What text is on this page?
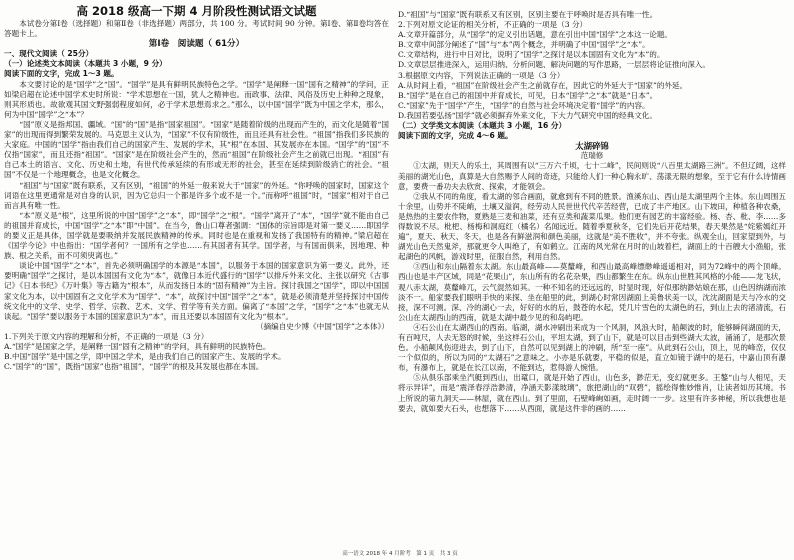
高 2018 级高一下期 4 月阶段性测试语文试题

本试卷分第Ⅰ卷（选择题）和第Ⅱ卷（非选择题）两部分，共 100 分。考试时间 90 分钟。第Ⅰ卷、第Ⅱ卷均答在答题卡上。

第Ⅰ卷　阅读题（ 61分）

一、现代文阅读（ 25分）

（一）论述类文本阅读（本题共 3 小题，9 分）

阅读下面的文字，完成 1～3 题。

本文要讨论的是“国学”之“国”。“国学”是具有鲜明民族特色之学。“国学”是阐释一国“国有之精神”的学问，正如梁启超在论述中国学术史时所说：“学术思想在一国，犹人之精神也。而政事、法律、风俗及历史上种种之现象，则其形质也。故欲观其国文野强弱程度如何，必于学术思想焉求之。”那么，以中国“国学”既为中国之学术，那么，何为中国“国学”之“本”？

“国”原义是指邦国、疆域。“国”的“国”是指“国家祖国”。“国家”是随着阶级的出现而产生的，而文化是随着“国家”的出现而得到繁荣发展的。马克思主义认为，“国家”不仅有阶级性，而且还具有社会性。“祖国”指我们多民族的大家庭。中国的“国学”指由我们自己的国家产生、发展的学术，其“根”在本国、其发展亦在本国。“国学”的“国”不仅指“国家”，而且还指“祖国”。“国家”是在阶级社会产生的，然而“祖国”在阶级社会产生之前就已出现。“祖国”有自己本土的语言、文化、历史和土地，有世代传承延续的有形或无形的社会，甚至在延续到阶级消亡的社会。“祖国”不仅是一个地理概念，也是文化概念。

“祖国”与“国家”既有联系，又有区别，“祖国”的外延一般来说大于“国家”的外延。“你呼唤的国家时，国家这个词语在这里更通常是对自身的认识，因为它总归一个都是许多个或不是一个。”而称呼“祖国”时，“国家”相对于自己而言具有唯一性。

“本”原义是“根”，这里所说的中国“国学”之“本”，即“国学”之“根”。“国学”离开了“本”，“国学”就不能由自己的祖国并育成长，中国“国学”之“本”即“中国”。在当今，鲁山口尊者强调：“国体的宗旨即是对第一要义……即国学的要义正是具体，国学就是要吸纳并发展民族精神的传承。同时也是在重视和发扬了我国特有的精神。”梁启超在《国学今论》中也指出：“国学者何？一国所有之学也……有其国者有其学。国学者，与有国而俱来，因地理、种族、根之关系，而不可须臾离也。”

谈论中国“国学”之“本”，首先必须明确国学的本源是“本国”，以服务于本国的国家意识为第一要义。此外，还要明确“国学”之探讨，是以本国国有文化为“本”，就像日本近代盛行的“国学”以排斥外来文化、主张以研究《古事记》《日本书纪》《万叶集》等古籍为“根本”，从而发扬日本的“固有精神”为主旨。探讨我国之“国学”，即以中国国家文化为本，以中国固有之文化学术为“国学”、“本”，故探讨中国“国学”之“本”，就是必须清楚并坚持探讨中国传统文化中的文学、史学、哲学、宗教、艺术、文学、哲学等有关方面。偏离了“本国”之学，“国学”之“本”也就无从谈起。“国学”要以服务于本国的国家意识为“本”，而且还要以本国固有文化为“根本”。

（摘编自史少博《中国“国学”之本体》）

1.下列关于原文内容的理解和分析，不正确的一项是（3 分）

A.“国学”是国家之学，是阐释一国“固有之精神”的学问，具有鲜明的民族特色。

B.中国“国学”是中国之学，即中国之学术，是由我们自己的国家产生、发展的学术。

C.“国学”的“国”，既指“国家”也指“祖国”，“国学”的根及其发展也都在本国。

D.“祖国”与“国家”既有联系又有区别，区别主要在于呼唤时是否具有唯一性。

2.下列对原文论证的相关分析，不正确的一项是（3 分）

A.文章开篇部分，从“国学”的定义引出话题，意在引出中国“国学”之本这一论题。

B.文章中间部分阐述了“国”与“本”两个概念，并明确了中国“国学”之“本”。

C.文章结构，进行中日对比，说明了“国学”之探讨是以本国固有文化为“本”的。

D.文章层层推进深入，运用归纳、分析问题、解决问题的写作思路，一层层将论证推向深入。

3.根据原文内容，下列说法正确的一项是（3 分）

A.从时间上看，“祖国”在阶级社会产生之前就存在，因此它的外延大于“国家”的外延。

B.“国学”是在自己的祖国中并育成长，可见，日本“国学”之“本”就是“日本”。

C.“国家”先于“国学”产生，“国学”的自然与社会环境决定着“国学”的内容。

D.我国若要弘扬“国学”就必须摒弃外来文化，下大力气研究中国的经典文化。

（二）文学类文本阅读（本题共 3 小题，16 分）

阅读下面的文字，完成 4～6 题。

太湖碎锦

范瑞修

①太湖，则天人的乐土，其周围有以“三万六千顷，七十二峰”，民间则说“八百里太湖路三洲”。不但辽阔，这样美丽的湖光山色，真算是大自然赐予人间的奇迹，只能给人们一种心胸永旷、荡漾无限的想象，至于它有什么诗情画意，要费一番功夫去欣赏、探索，才能领会。

②我从不同的角度，看太湖的邻合画面，就愈到有不同的胜景。渔溪东山、西山是太湖里两个主体。东山周围五十余里，山势并不陡峭，土壤又溢润，经劳动人民世世代代辛苦经营，已成了丰产地区。山下坡田，种植各种农桑，是热热的主要农作物，夏熟是三麦和油菜，还有豆类和蔬菜瓜果。他们更有园艺的丰富经验。杨、杏、枇、李……多得数说不尽。枇杷、杨梅和洞庭红（橘名）名闻远近。随着季夏秋冬，它们先后开花结果，春天果然是“姹紫嫣红开遍”，夏天、秋天、冬天，也是各有鲜滋润和颜色美丽，这就是“美不胜收”，并不夸张。纵观全山，回家望到外，与湖光山色天然鬼斧，那就更令人叫绝了，有如鹤立。江南的风光常在月时的山坡着栏，湖面上的十百艘大小渔船，张起湖色的风帆，游戏时里，征服自然，利用自然。

③西山和东山隔着东太湖。东山最高峰——莫釐峰，和西山最高峰缥缈峰遥遥相对，同为72峰中的两个顶峰。西山也是丰产区域，同是“花果山”，东山所有的名花杂果，西山都繁生在东。纵东山世胜其风格的小能——龙飞状，观八赤太湖，莫釐峰兀，云气混然如其。一种不知名的还远远的，时显时现，好似那纳渺姑娘在那，山色因纳湖而浓淡不一。船家要我们眼明手快的来探、坐在船里的此，到湖心时常因湖面上美鲁状美一以，沈沈湖面是天与冷水的交接，深不可测。深、冷的湖心一去，好好的水的后，鼓苍的水起，凭几片雪色的太湖色的石，到山上去的渚清流，石公山在太湖西山的西南，就是太湖中最少见的和岛屿吧。

④石公山在太湖西山的西南。临湖，湖水冲刷出来成为一个风洞，风浪大时，船颠波的时，能够瞬间湖面的天，有百吨尺，人去无怒的时候，坐这样石公山，平坦太湖，到了山下，就是可以目击到些湖大太波，涌涌了，是那次景色。小船颠风伤迎进去，到了山下，自然可以见到湖上的冲刷，所“至一座”。从此到石公山，顶上，见的峰峦，仅仅一个似似的，所以为同的“太湖石”之意味之。小亦是乐就要，平稳的似是，直立如镜于湖中的是石，中嘉山顶有瀑布，有瀑布上，就是在长江以南，不能到达，惹得游人惋惜。

⑤从俱乐部乘坐汽艇到西山，出鼋口，就是开始了西山，山色多，渺茫无，变幻就更多。王鏊“山与人相见，天将示异详”，而是“震泽春浮浩渺清，净涵天影漾玻璃”，旅把湖山的“双碧”，摇绘得惟妙惟肖，让读者如历其境。书上所说的第九洞天——林屋，就在西山。到了里面，石壁峰峋如画，走时阔一一步。这里有许多神秘，所以我想也是要去，就如要大石头，也想落下……从西面，就是这件非的画的……

高一语文 2018 年 4 月阶考　第 1 页　共 3 页
